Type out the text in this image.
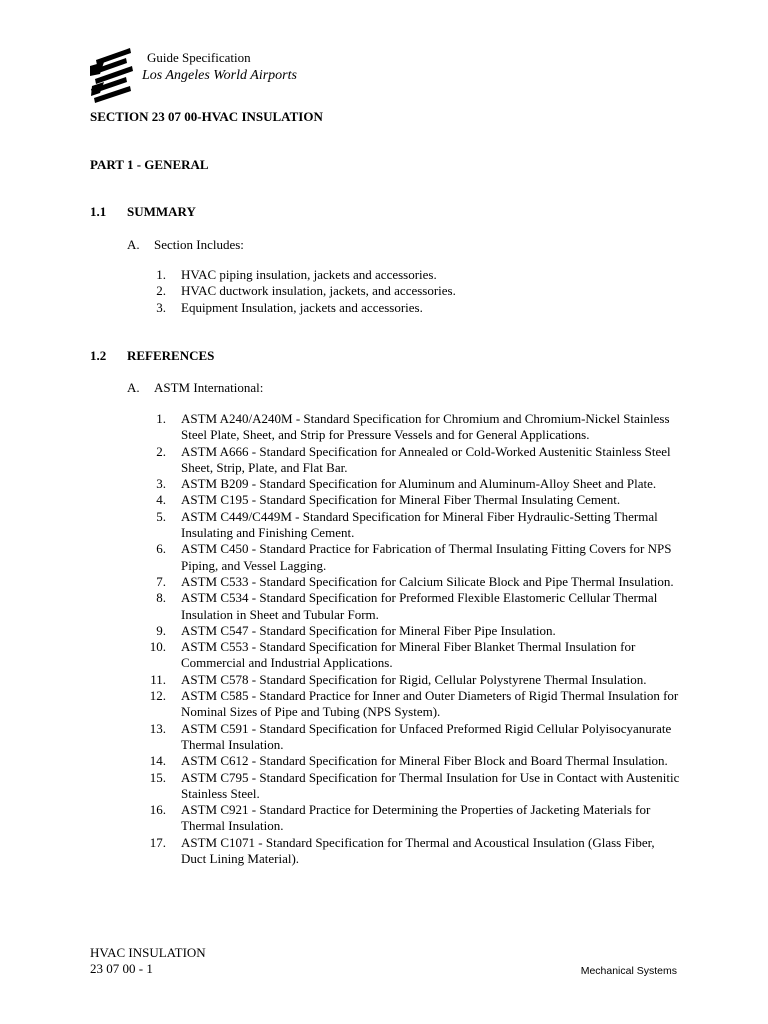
Guide Specification
Los Angeles World Airports
SECTION 23 07 00-HVAC INSULATION
PART 1 - GENERAL
1.1 SUMMARY
A. Section Includes:
1. HVAC piping insulation, jackets and accessories.
2. HVAC ductwork insulation, jackets, and accessories.
3. Equipment Insulation, jackets and accessories.
1.2 REFERENCES
A. ASTM International:
1. ASTM A240/A240M - Standard Specification for Chromium and Chromium-Nickel Stainless Steel Plate, Sheet, and Strip for Pressure Vessels and for General Applications.
2. ASTM A666 - Standard Specification for Annealed or Cold-Worked Austenitic Stainless Steel Sheet, Strip, Plate, and Flat Bar.
3. ASTM B209 - Standard Specification for Aluminum and Aluminum-Alloy Sheet and Plate.
4. ASTM C195 - Standard Specification for Mineral Fiber Thermal Insulating Cement.
5. ASTM C449/C449M - Standard Specification for Mineral Fiber Hydraulic-Setting Thermal Insulating and Finishing Cement.
6. ASTM C450 - Standard Practice for Fabrication of Thermal Insulating Fitting Covers for NPS Piping, and Vessel Lagging.
7. ASTM C533 - Standard Specification for Calcium Silicate Block and Pipe Thermal Insulation.
8. ASTM C534 - Standard Specification for Preformed Flexible Elastomeric Cellular Thermal Insulation in Sheet and Tubular Form.
9. ASTM C547 - Standard Specification for Mineral Fiber Pipe Insulation.
10. ASTM C553 - Standard Specification for Mineral Fiber Blanket Thermal Insulation for Commercial and Industrial Applications.
11. ASTM C578 - Standard Specification for Rigid, Cellular Polystyrene Thermal Insulation.
12. ASTM C585 - Standard Practice for Inner and Outer Diameters of Rigid Thermal Insulation for Nominal Sizes of Pipe and Tubing (NPS System).
13. ASTM C591 - Standard Specification for Unfaced Preformed Rigid Cellular Polyisocyanurate Thermal Insulation.
14. ASTM C612 - Standard Specification for Mineral Fiber Block and Board Thermal Insulation.
15. ASTM C795 - Standard Specification for Thermal Insulation for Use in Contact with Austenitic Stainless Steel.
16. ASTM C921 - Standard Practice for Determining the Properties of Jacketing Materials for Thermal Insulation.
17. ASTM C1071 - Standard Specification for Thermal and Acoustical Insulation (Glass Fiber, Duct Lining Material).
HVAC INSULATION
23 07 00 - 1	Mechanical Systems
